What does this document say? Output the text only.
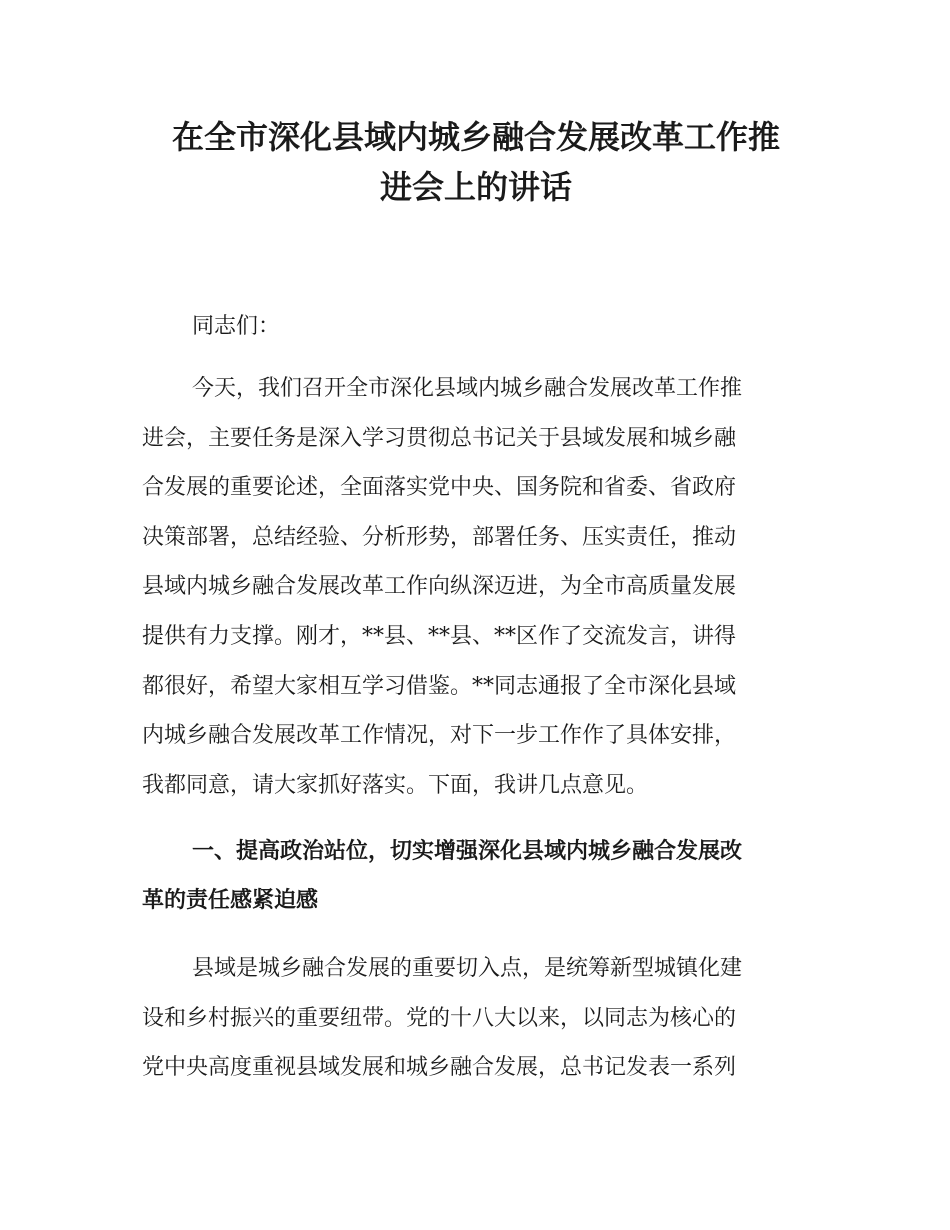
在全市深化县域内城乡融合发展改革工作推
进会上的讲话

同志们：

今天，我们召开全市深化县域内城乡融合发展改革工作推
进会，主要任务是深入学习贯彻总书记关于县域发展和城乡融
合发展的重要论述，全面落实党中央、国务院和省委、省政府
决策部署，总结经验、分析形势，部署任务、压实责任，推动
县域内城乡融合发展改革工作向纵深迈进，为全市高质量发展
提供有力支撑。刚才，**县、**县、**区作了交流发言，讲得
都很好，希望大家相互学习借鉴。**同志通报了全市深化县域
内城乡融合发展改革工作情况，对下一步工作作了具体安排，
我都同意，请大家抓好落实。下面，我讲几点意见。
一、提高政治站位，切实增强深化县域内城乡融合发展改
革的责任感紧迫感
县域是城乡融合发展的重要切入点，是统筹新型城镇化建
设和乡村振兴的重要纽带。党的十八大以来，以同志为核心的
党中央高度重视县域发展和城乡融合发展，总书记发表一系列
